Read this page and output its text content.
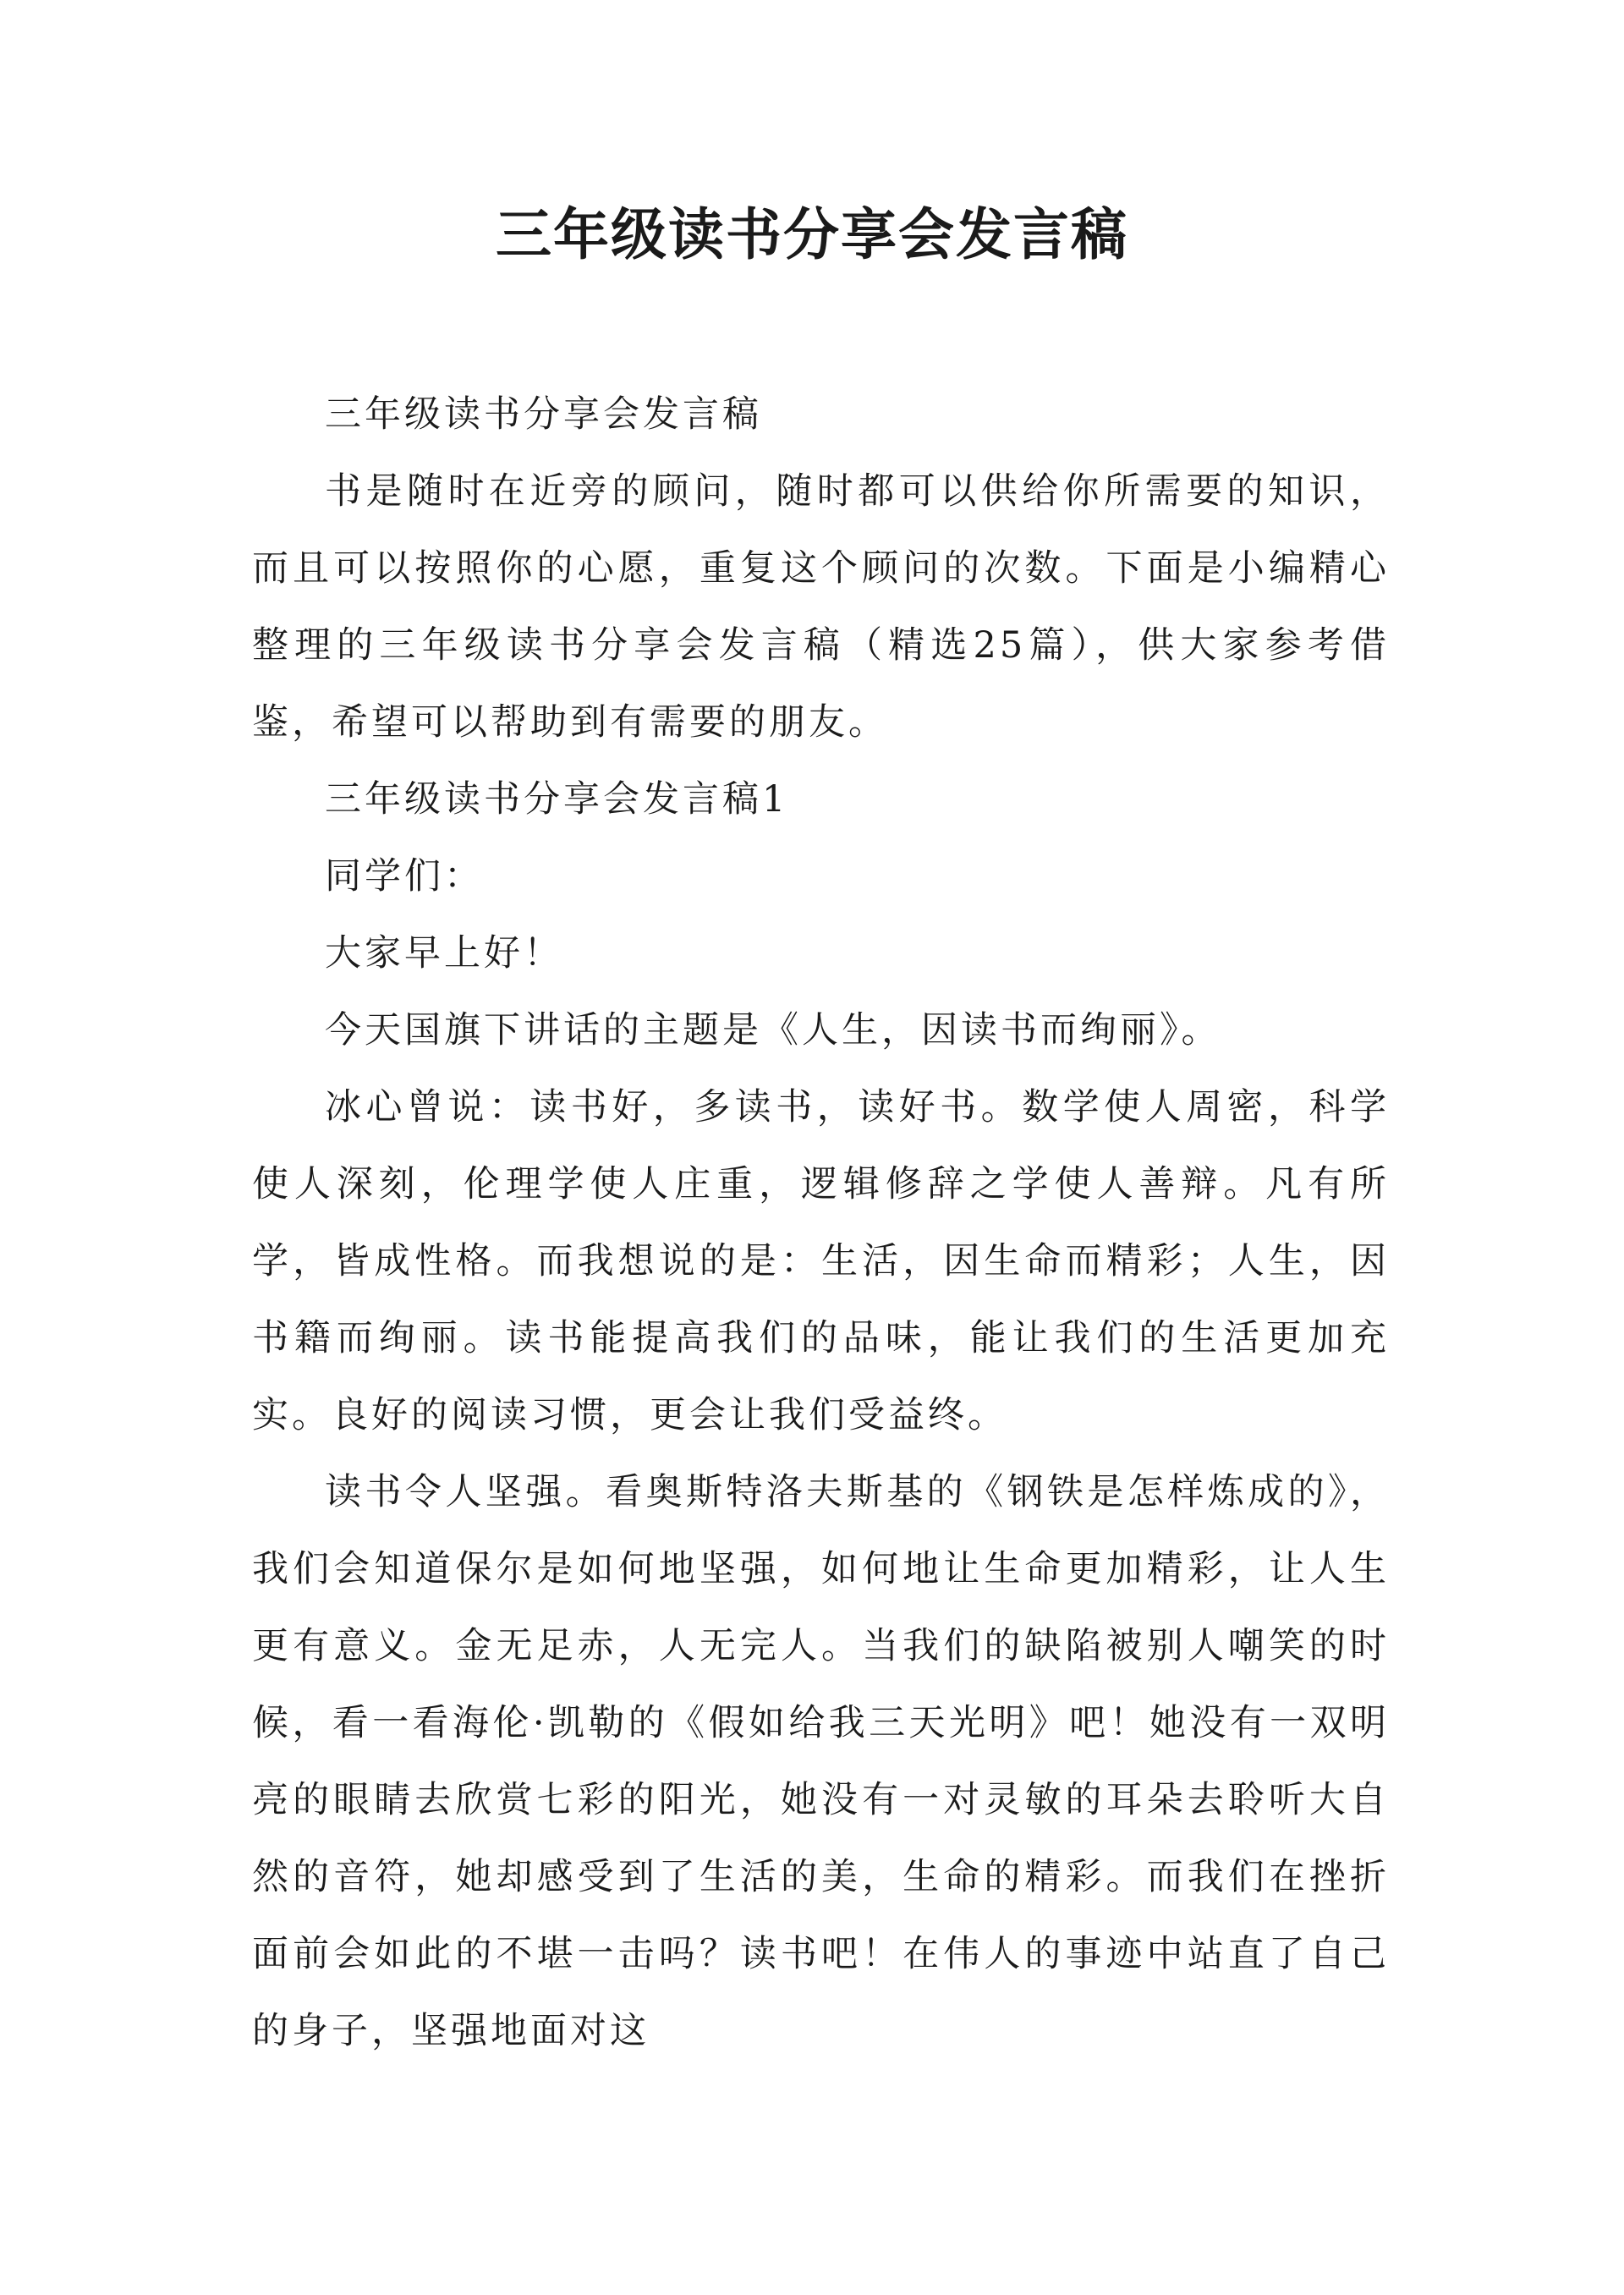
三年级读书分享会发言稿

三年级读书分享会发言稿

书是随时在近旁的顾问，随时都可以供给你所需要的知识，而且可以按照你的心愿，重复这个顾问的次数。下面是小编精心整理的三年级读书分享会发言稿（精选25篇），供大家参考借鉴，希望可以帮助到有需要的朋友。

三年级读书分享会发言稿1

同学们：

大家早上好！

今天国旗下讲话的主题是《人生，因读书而绚丽》。

冰心曾说：读书好，多读书，读好书。数学使人周密，科学使人深刻，伦理学使人庄重，逻辑修辞之学使人善辩。凡有所学，皆成性格。而我想说的是：生活，因生命而精彩；人生，因书籍而绚丽。读书能提高我们的品味，能让我们的生活更加充实。良好的阅读习惯，更会让我们受益终。

读书令人坚强。看奥斯特洛夫斯基的《钢铁是怎样炼成的》，我们会知道保尔是如何地坚强，如何地让生命更加精彩，让人生更有意义。金无足赤，人无完人。当我们的缺陷被别人嘲笑的时候，看一看海伦·凯勒的《假如给我三天光明》吧！她没有一双明亮的眼睛去欣赏七彩的阳光，她没有一对灵敏的耳朵去聆听大自然的音符，她却感受到了生活的美，生命的精彩。而我们在挫折面前会如此的不堪一击吗？读书吧！在伟人的事迹中站直了自己的身子，坚强地面对这
